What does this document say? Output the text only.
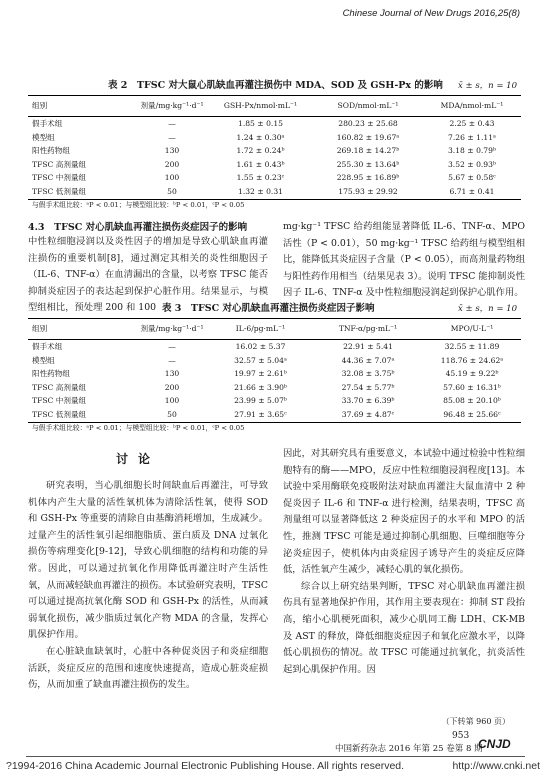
Chinese Journal of New Drugs 2016,25(8)
表 2　TFSC 对大鼠心肌缺血再灌注损伤中 MDA、SOD 及 GSH-Px 的影响 x̄ ± s，n = 10
组别	剂量/mg·kg⁻¹·d⁻¹	GSH-Px/nmol·mL⁻¹	SOD/nmol·mL⁻¹	MDA/nmol·mL⁻¹
假手术组	—	1.85 ± 0.15	280.23 ± 25.68	2.25 ± 0.43
模型组	—	1.24 ± 0.30ᵃ	160.82 ± 19.67ᵃ	7.26 ± 1.11ᵃ
阳性药物组	130	1.72 ± 0.24ᵇ	269.18 ± 14.27ᵇ	3.18 ± 0.79ᵇ
TFSC 高剂量组	200	1.61 ± 0.43ᵇ	255.30 ± 13.64ᵇ	3.52 ± 0.93ᵇ
TFSC 中剂量组	100	1.55 ± 0.23ᶜ	228.95 ± 16.89ᵇ	5.67 ± 0.58ᶜ
TFSC 低剂量组	50	1.32 ± 0.31	175.93 ± 29.92	6.71 ± 0.41
与假手术组比较：ᵃP < 0.01；与模型组比较：ᵇP < 0.01，ᶜP < 0.05
4.3　TFSC 对心肌缺血再灌注损伤炎症因子的影响

中性粒细胞浸润以及炎性因子的增加是导致心肌缺血再灌注损伤的重要机制[8]，通过测定其相关的炎性细胞因子（IL-6、TNF-α）在血清漏出的含量，以考察 TFSC 能否抑制炎症因子的表达起到保护心脏作用。结果显示，与模型组相比，预处理 200 和 100

mg·kg⁻¹ TFSC 给药组能显著降低 IL-6、TNF-α、MPO 活性（P < 0.01），50 mg·kg⁻¹ TFSC 给药组与模型组相比，能降低其炎症因子含量（P < 0.05），而高剂量药物组与阳性药作用相当（结果见表 3）。说明 TFSC 能抑制炎性因子 IL-6、TNF-α 及中性粒细胞浸润起到保护心肌作用。

表 3　TFSC 对心肌缺血再灌注损伤炎症因子影响	x̄ ± s，n = 10
组别	剂量/mg·kg⁻¹·d⁻¹	IL-6/pg·mL⁻¹	TNF-α/pg·mL⁻¹	MPO/U·L⁻¹
假手术组	—	16.02 ± 5.37	22.91 ± 5.41	32.55 ± 11.89
模型组	—	32.57 ± 5.04ᵃ	44.36 ± 7.07ᵃ	118.76 ± 24.62ᵃ
阳性药物组	130	19.97 ± 2.61ᵇ	32.08 ± 3.75ᵇ	45.19 ± 9.22ᵇ
TFSC 高剂量组	200	21.66 ± 3.90ᵇ	27.54 ± 5.77ᵇ	57.60 ± 16.31ᵇ
TFSC 中剂量组	100	23.99 ± 5.07ᵇ	33.70 ± 6.39ᵇ	85.08 ± 20.10ᵇ
TFSC 低剂量组	50	27.91 ± 3.65ᶜ	37.69 ± 4.87ᶜ	96.48 ± 25.66ᶜ
与假手术组比较：ᵃP < 0.01；与模型组比较：ᵇP < 0.01，ᶜP < 0.05
讨论

研究表明，当心肌细胞长时间缺血后再灌注，可导致机体内产生大量的活性氧机体为清除活性氧，使得 SOD 和 GSH-Px 等重要的清除自由基酶消耗增加，生成减少。过量产生的活性氧引起细胞脂质、蛋白质及 DNA 过氧化损伤等病理变化[9-12]，导致心肌细胞的结构和功能的异常。因此，可以通过抗氧化作用降低再灌注时产生活性氧，从而减轻缺血再灌注的损伤。本试验研究表明，TFSC 可以通过提高抗氧化酶 SOD 和 GSH-Px 的活性，从而减弱氧化损伤，减少脂质过氧化产物 MDA 的含量，发挥心肌保护作用。

在心脏缺血缺氧时，心脏中各种促炎因子和炎症细胞活跃，炎症反应的范围和速度快速提高，造成心脏炎症损伤，从而加重了缺血再灌注损伤的发生。

因此，对其研究具有重要意义，本试验中通过检验中性粒细胞特有的酶——MPO，反应中性粒细胞浸润程度[13]。本试验中采用酶联免疫吸附法对缺血再灌注大鼠血清中 2 种促炎因子 IL-6 和 TNF-α 进行检测，结果表明，TFSC 高剂量组可以显著降低这 2 种炎症因子的水平和 MPO 的活性，推测 TFSC 可能是通过抑制心肌细胞、巨噬细胞等分泌炎症因子，使机体内由炎症因子诱导产生的炎症反应降低，活性氧产生减少，减轻心肌的氧化损伤。

综合以上研究结果判断，TFSC 对心肌缺血再灌注损伤具有显著地保护作用，其作用主要表现在：抑制 ST 段抬高，缩小心肌梗死面积，减少心肌同工酶 LDH、CK-MB 及 AST 的释放，降低细胞炎症因子和氧化应激水平，以降低心肌损伤的情况。故 TFSC 可能通过抗氧化，抗炎活性起到心肌保护作用。因

（下转第 960 页）
953
中国新药杂志 2016 年第 25 卷第 8 期
CNJD
?1994-2016 China Academic Journal Electronic Publishing House. All rights reserved.	http://www.cnki.net
